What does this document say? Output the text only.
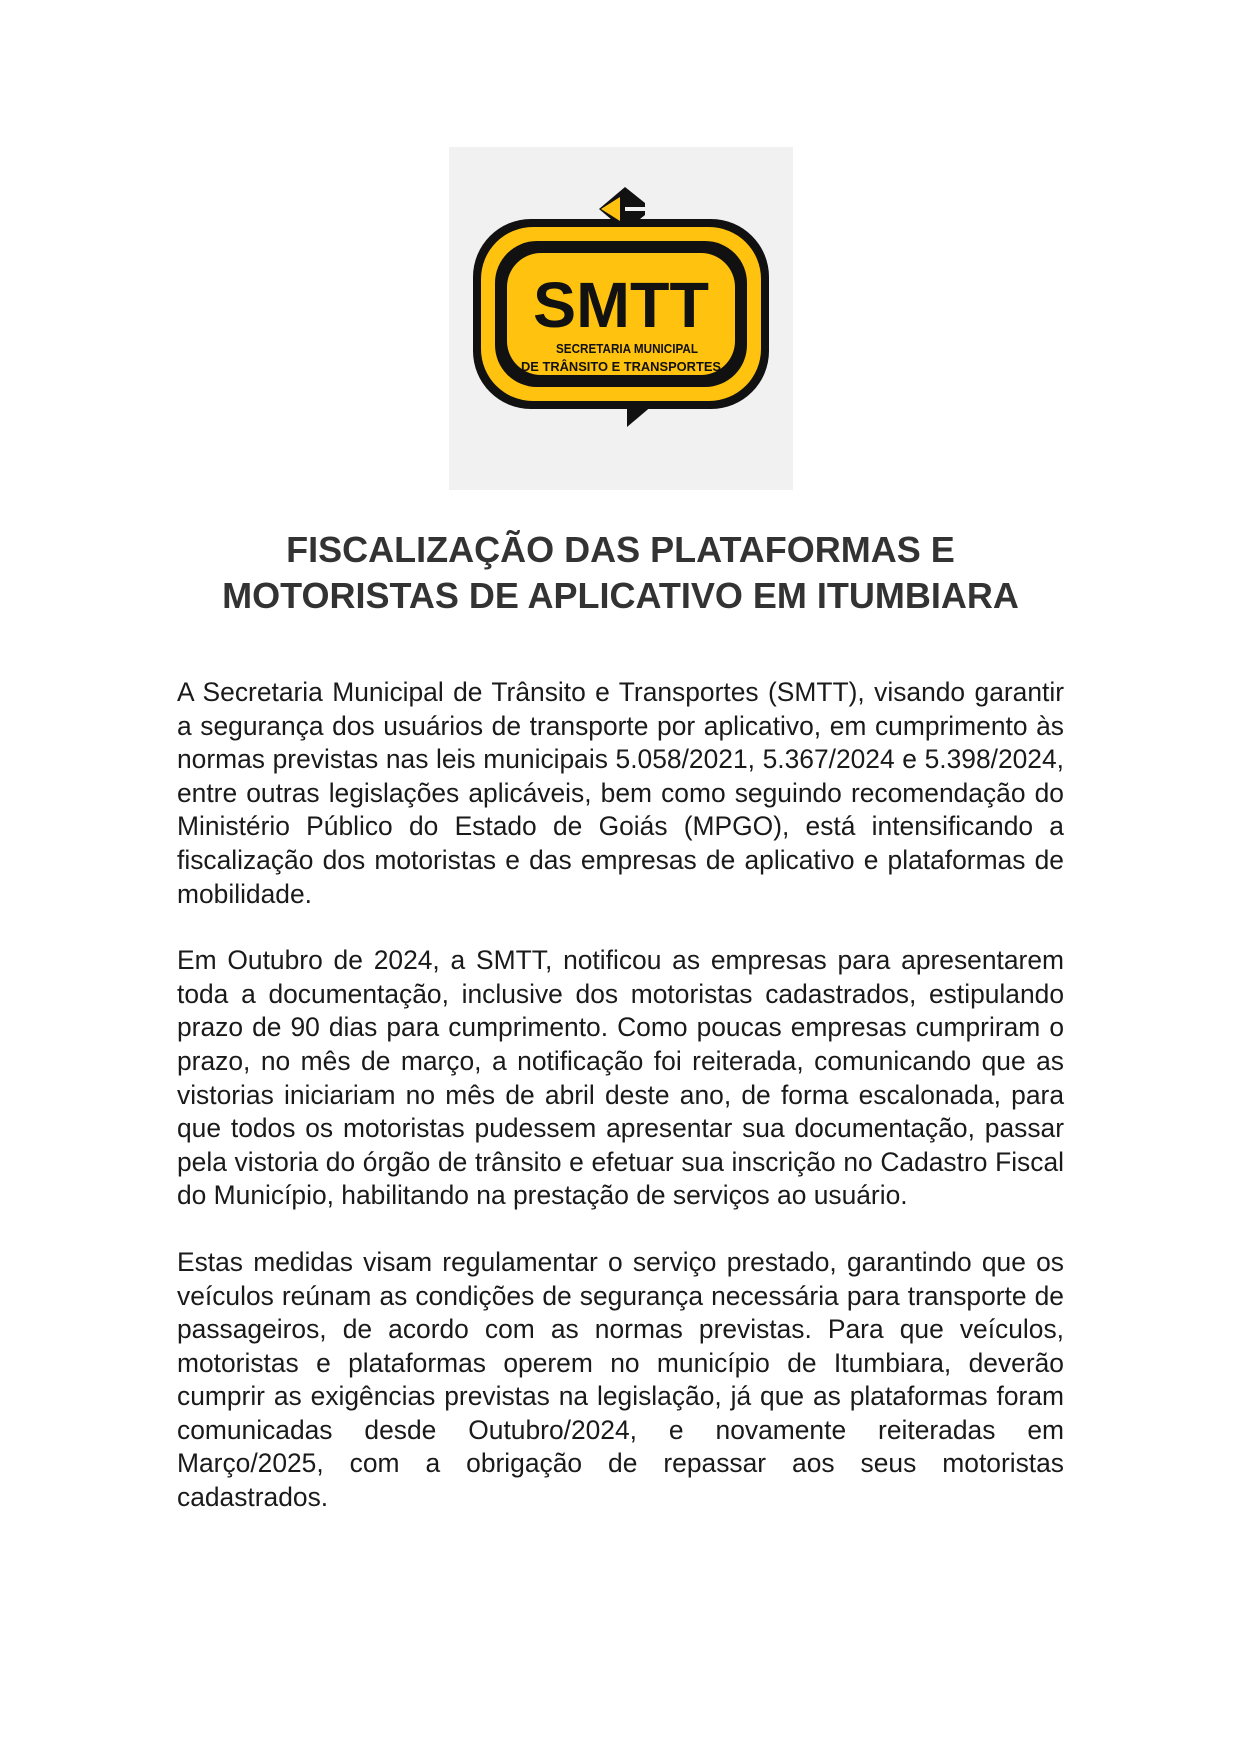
SMTT
SECRETARIA MUNICIPAL
DE TRÂNSITO E TRANSPORTES
FISCALIZAÇÃO DAS PLATAFORMAS E
MOTORISTAS DE APLICATIVO EM ITUMBIARA

A Secretaria Municipal de Trânsito e Transportes (SMTT), visando garantir a segurança dos usuários de transporte por aplicativo, em cumprimento às normas previstas nas leis municipais 5.058/2021, 5.367/2024 e 5.398/2024, entre outras legislações aplicáveis, bem como seguindo recomendação do Ministério Público do Estado de Goiás (MPGO), está intensificando a fiscalização dos motoristas e das empresas de aplicativo e plataformas de mobilidade.

Em Outubro de 2024, a SMTT, notificou as empresas para apresentarem toda a documentação, inclusive dos motoristas cadastrados, estipulando prazo de 90 dias para cumprimento. Como poucas empresas cumpriram o prazo, no mês de março, a notificação foi reiterada, comunicando que as vistorias iniciariam no mês de abril deste ano, de forma escalonada, para que todos os motoristas pudessem apresentar sua documentação, passar pela vistoria do órgão de trânsito e efetuar sua inscrição no Cadastro Fiscal do Município, habilitando na prestação de serviços ao usuário.

Estas medidas visam regulamentar o serviço prestado, garantindo que os veículos reúnam as condições de segurança necessária para transporte de passageiros, de acordo com as normas previstas. Para que veículos, motoristas e plataformas operem no município de Itumbiara, deverão cumprir as exigências previstas na legislação, já que as plataformas foram comunicadas desde Outubro/2024, e novamente reiteradas em Março/2025, com a obrigação de repassar aos seus motoristas cadastrados.
